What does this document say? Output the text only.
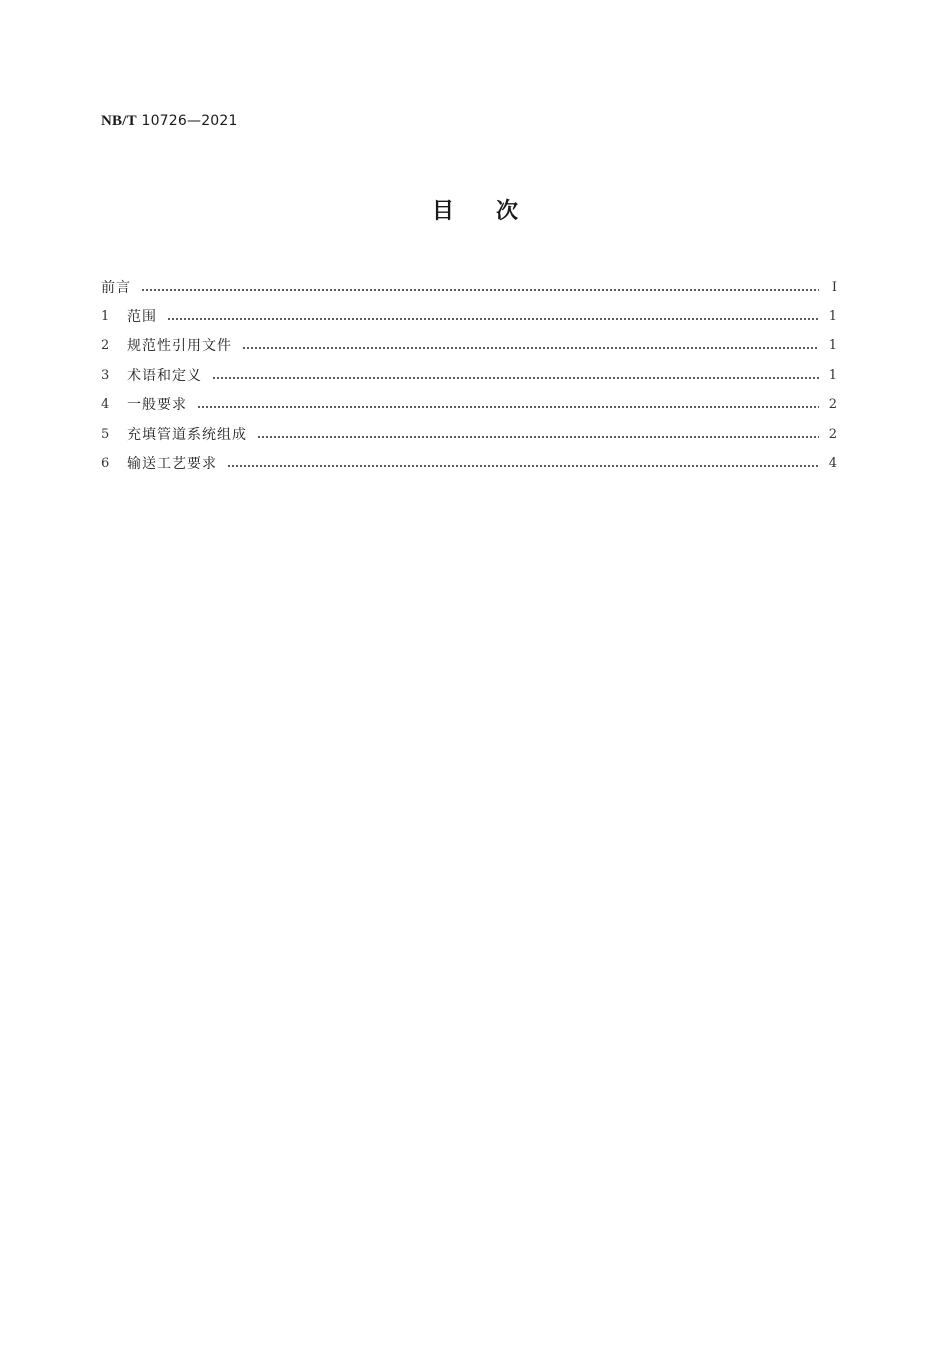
NB/T 10726—2021
目次
前言	Ⅰ
1	范围	1
2	规范性引用文件	1
3	术语和定义	1
4	一般要求	2
5	充填管道系统组成	2
6	输送工艺要求	4
